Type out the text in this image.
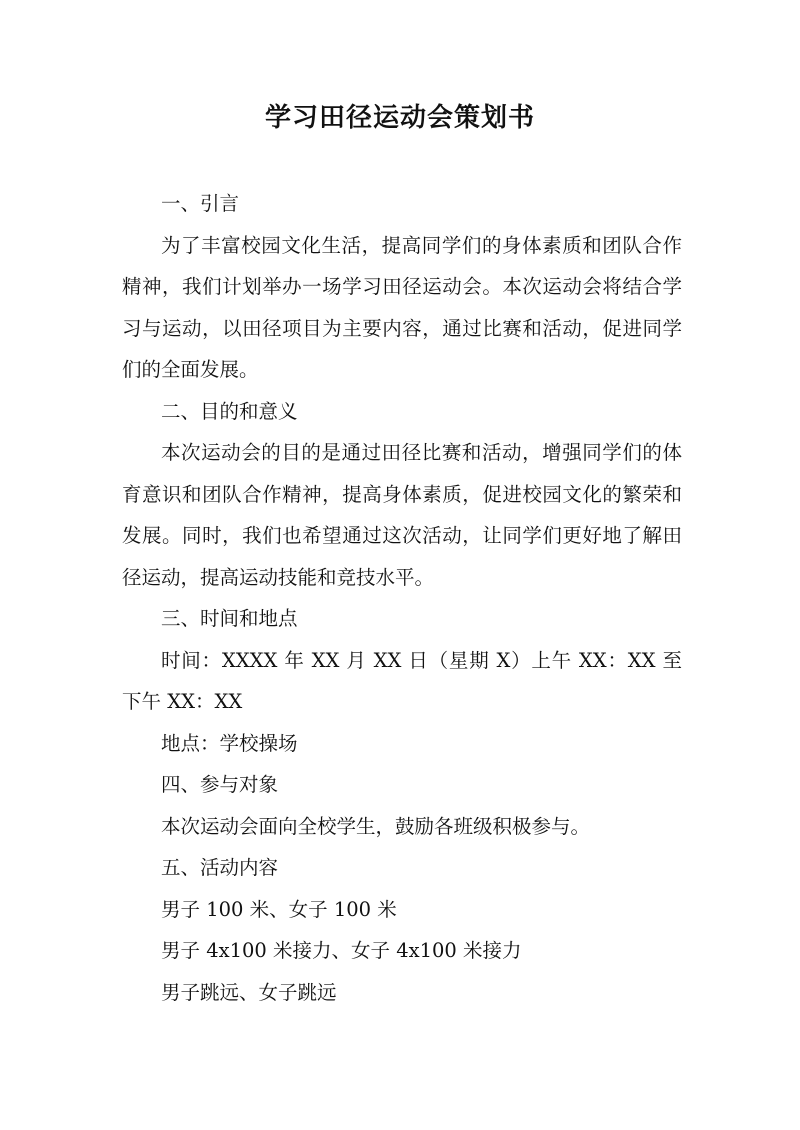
学习田径运动会策划书

一、引言

为了丰富校园文化生活，提高同学们的身体素质和团队合作精神，我们计划举办一场学习田径运动会。本次运动会将结合学习与运动，以田径项目为主要内容，通过比赛和活动，促进同学们的全面发展。

二、目的和意义

本次运动会的目的是通过田径比赛和活动，增强同学们的体育意识和团队合作精神，提高身体素质，促进校园文化的繁荣和发展。同时，我们也希望通过这次活动，让同学们更好地了解田径运动，提高运动技能和竞技水平。

三、时间和地点

时间：XXXX 年 XX 月 XX 日（星期 X）上午 XX：XX 至下午 XX：XX

地点：学校操场

四、参与对象

本次运动会面向全校学生，鼓励各班级积极参与。

五、活动内容

男子 100 米、女子 100 米

男子 4x100 米接力、女子 4x100 米接力

男子跳远、女子跳远
